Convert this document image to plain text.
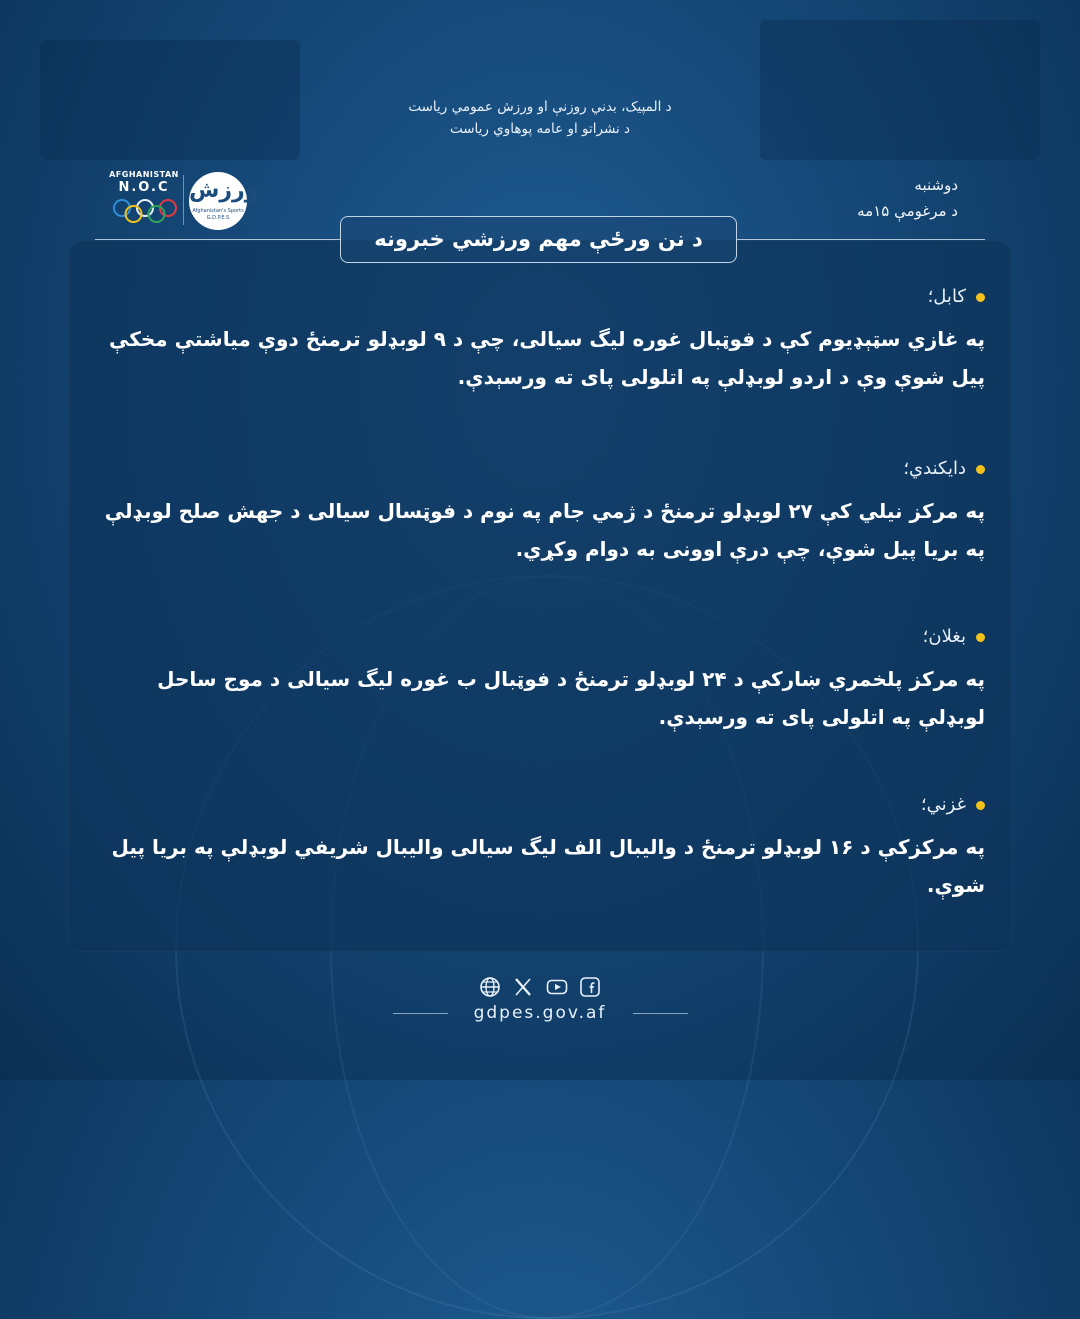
د المپیک، بدني روزنې او ورزش عمومي رياست
د نشراتو او عامه پوهاوي رياست
AFGHANISTAN
N.O.C ورزش
Afghanistan's Sports G.D.P.E.S
دوشنبه
د مرغومې ۱۵مه
د نن ورځې مهم ورزشي خبرونه
کابل؛
په غازي سټېډیوم کې د فوټبال غوره لیگ سیالی، چې د ۹ لوبډلو ترمنځ دوې میاشتې مخکې پیل شوې وې د اردو لوبډلې په اتلولی پای ته ورسېدې.
دایکندي؛
په مرکز نیلي کې ۲۷ لوبډلو ترمنځ د ژمي جام په نوم د فوټسال سیالی د جهش صلح لوبډلې په بریا پیل شوې، چې درې اوونی به دوام وکړي.
بغلان؛
په مرکز پلخمري ښارکې د ۲۴ لوبډلو ترمنځ د فوټبال ب غوره لیگ سیالی د موج ساحل لوبډلې په اتلولی پای ته ورسېدې.
غزني؛
په مرکزکې د ۱۶ لوبډلو ترمنځ د والیبال الف لیگ سیالی والیبال شریفي لوبډلې په بریا پیل شوې.

gdpes.gov.af
